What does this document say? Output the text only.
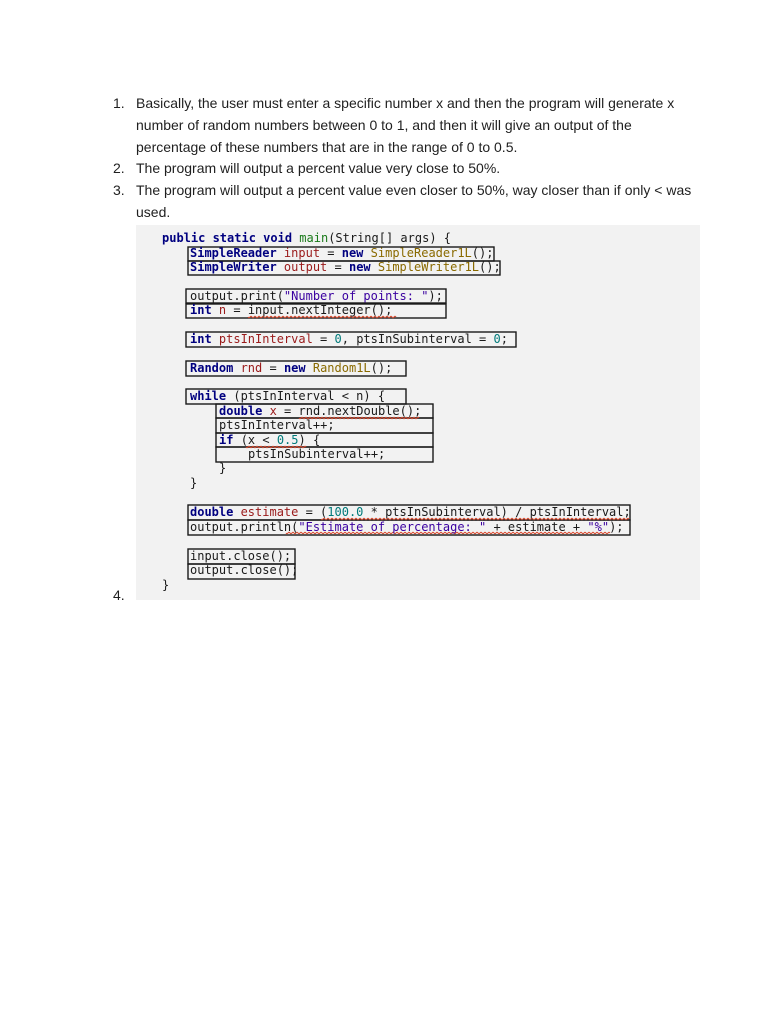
1. Basically, the user must enter a specific number x and then the program will generate x number of random numbers between 0 to 1, and then it will give an output of the percentage of these numbers that are in the range of 0 to 0.5.
2. The program will output a percent value very close to 50%.
3. The program will output a percent value even closer to 50%, way closer than if only < was used.
4.
public static void main(String[] args) {
SimpleReader input = new SimpleReader1L();
SimpleWriter output = new SimpleWriter1L();
output.print("Number of points: ");
int n = input.nextInteger();
int ptsInInterval = 0, ptsInSubinterval = 0;
Random rnd = new Random1L();
while (ptsInInterval < n) {
double x = rnd.nextDouble();
ptsInInterval++;
if (x < 0.5) {
ptsInSubinterval++;
}
}
double estimate = (100.0 * ptsInSubinterval) / ptsInInterval;
output.println("Estimate of percentage: " + estimate + "%");
input.close();
output.close();
}
